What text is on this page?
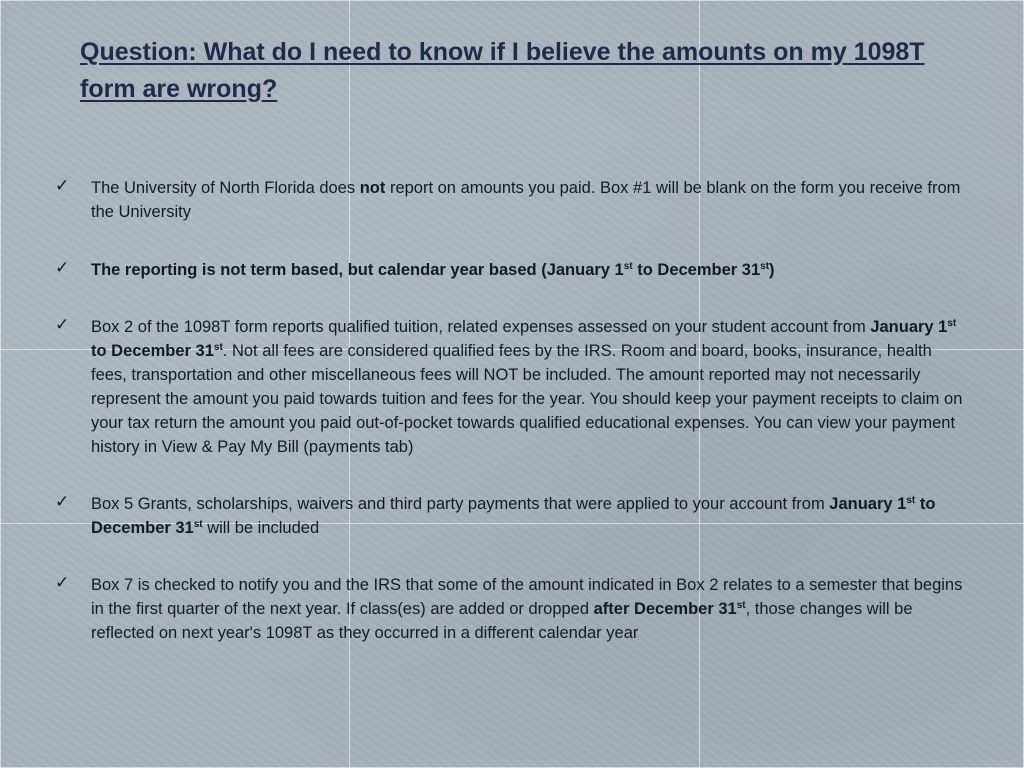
Question: What do I need to know if I believe the amounts on my 1098T form are wrong?
✓ The University of North Florida does not report on amounts you paid. Box #1 will be blank on the form you receive from the University
✓ The reporting is not term based, but calendar year based (January 1st to December 31st)
✓ Box 2 of the 1098T form reports qualified tuition, related expenses assessed on your student account from January 1st to December 31st. Not all fees are considered qualified fees by the IRS. Room and board, books, insurance, health fees, transportation and other miscellaneous fees will NOT be included. The amount reported may not necessarily represent the amount you paid towards tuition and fees for the year. You should keep your payment receipts to claim on your tax return the amount you paid out-of-pocket towards qualified educational expenses. You can view your payment history in View & Pay My Bill (payments tab)
✓ Box 5 Grants, scholarships, waivers and third party payments that were applied to your account from January 1st to December 31st will be included
✓ Box 7 is checked to notify you and the IRS that some of the amount indicated in Box 2 relates to a semester that begins in the first quarter of the next year. If class(es) are added or dropped after December 31st, those changes will be reflected on next year's 1098T as they occurred in a different calendar year
